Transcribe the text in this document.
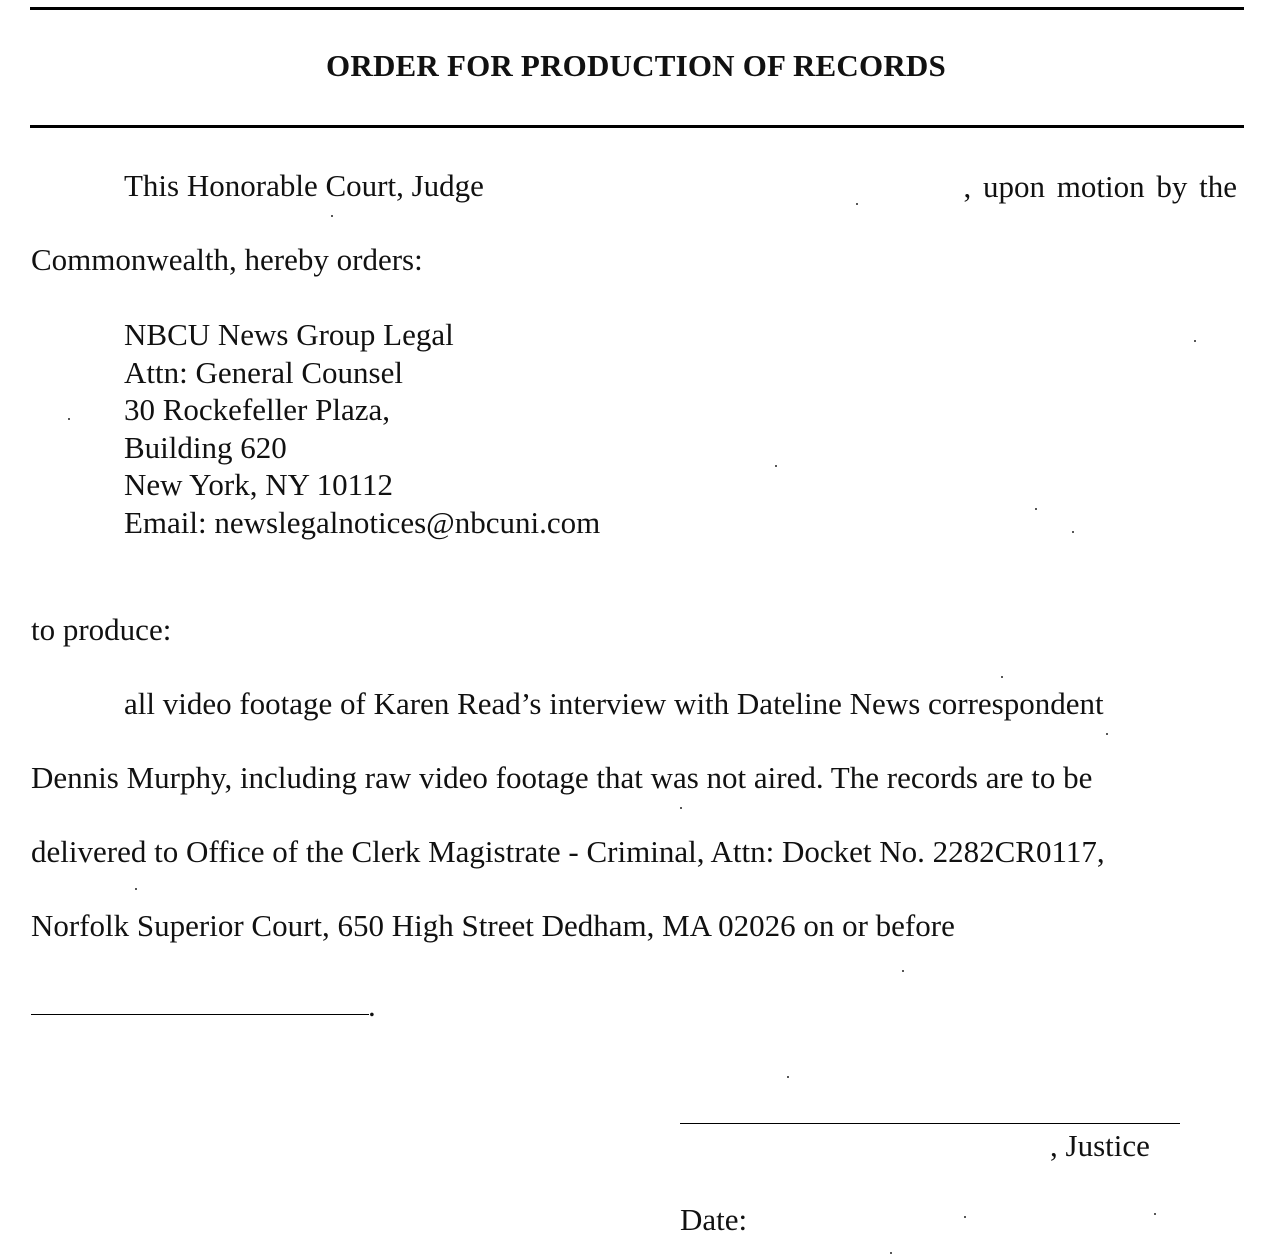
ORDER FOR PRODUCTION OF RECORDS
This Honorable Court, Judge	, upon motion by the
Commonwealth, hereby orders:
NBCU News Group Legal
Attn: General Counsel
30 Rockefeller Plaza,
Building 620
New York, NY 10112
Email: newslegalnotices@nbcuni.com
to produce:
all video footage of Karen Read’s interview with Dateline News correspondent
Dennis Murphy, including raw video footage that was not aired. The records are to be
delivered to Office of the Clerk Magistrate - Criminal, Attn: Docket No. 2282CR0117,
Norfolk Superior Court, 650 High Street Dedham, MA 02026 on or before
.
, Justice
Date:
